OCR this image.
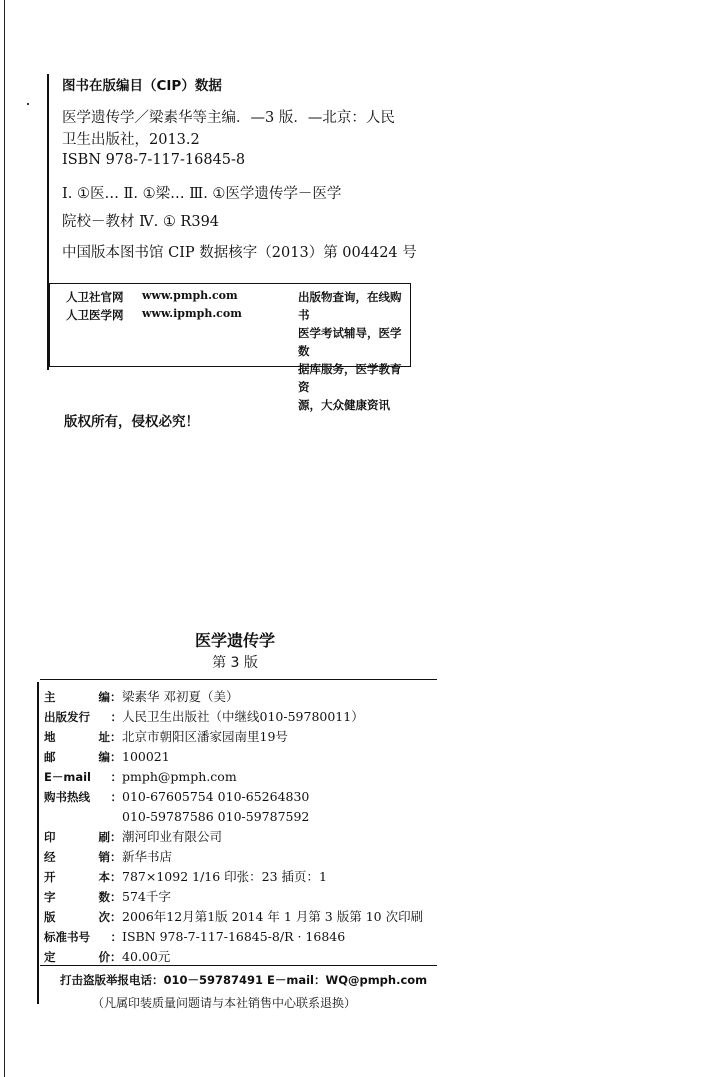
图书在版编目（CIP）数据
医学遗传学／梁素华等主编．—3 版．—北京：人民
卫生出版社，2013.2
ISBN 978-7-117-16845-8
Ⅰ. ①医… Ⅱ. ①梁… Ⅲ. ①医学遗传学－医学
院校－教材 Ⅳ. ① R394
中国版本图书馆 CIP 数据核字（2013）第 004424 号
人卫社官网	www.pmph.com
人卫医学网	www.ipmph.com
出版物查询，在线购书
医学考试辅导，医学数
据库服务，医学教育资
源，大众健康资讯
版权所有，侵权必究！
医学遗传学
第 3 版
主	编 ： 梁素华 邓初夏（美）
出版发行	： 人民卫生出版社（中继线010-59780011）
地	址 ： 北京市朝阳区潘家园南里19号
邮	编 ： 100021
E－mail	： pmph@pmph.com
购书热线	： 010-67605754 010-65264830
010-59787586 010-59787592
印	刷 ： 潮河印业有限公司
经	销 ： 新华书店
开	本 ： 787×1092 1/16 印张：23 插页：1
字	数 ： 574千字
版	次 ： 2006年12月第1版 2014 年 1 月第 3 版第 10 次印刷
标准书号	： ISBN 978-7-117-16845-8/R · 16846
定	价 ： 40.00元
打击盗版举报电话：010－59787491 E－mail：WQ@pmph.com
（凡属印装质量问题请与本社销售中心联系退换）
